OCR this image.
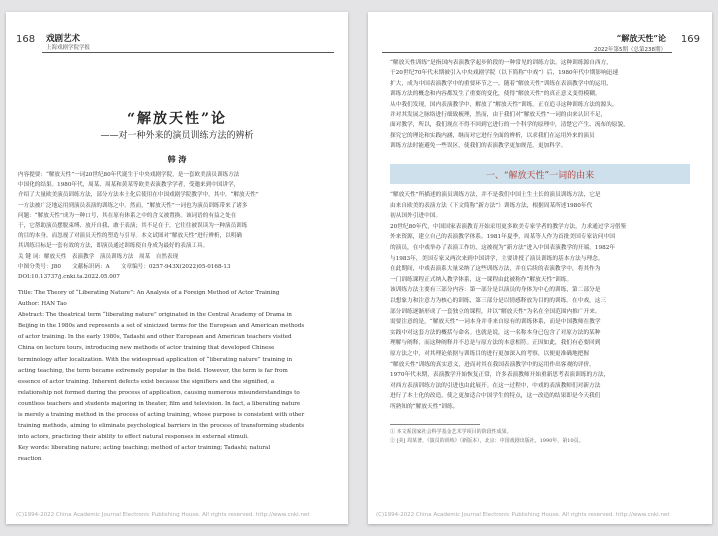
168 戏剧艺术
上海戏剧学院学报
“解放天性”论
——对一种外来的演员训练方法的辨析
韩 涛
内容提要：“解放天性”一词20世纪80年代诞生于中央戏剧学院，是一套欧美演员训练方法
中国化的结果。1980年代，周某、周某和黄某等欧美表演教学学者，受邀来到中国讲学，
介绍了大量欧美演员训练方法，部分方法本土化后使用在中国戏剧学院教学中。其中，“解放天性”
一方法被广泛地运用到演员表演的训练之中。然而，“解放天性”一词也为演员训练带来了诸多
问题：“解放天性”成为一种口号，其在原有体系之中的含义被置换。该词语的有益之处在
于，它帮助演员摆脱束缚、放开自我、敢于表演；其不足在于，它往往被误读为一种演员训练
的目的本身，而忽视了对演员天性的塑造与引导。本文试图对“解放天性”进行辨析，以明确
其训练目标是一套有效的方法，即演员通过训练使自身成为最好的表演工具。
关 键 词：解放天性　表演教学　演员训练方法　周某　自然表现
中图分类号：J80　　文献标识码：A　　文章编号：0257-943X(2022)05-0168-13
DOI:10.13737/j.cnki.ta.2022.05.007
Title: The Theory of “Liberating Nature”: An Analysis of a Foreign Method of Actor Training
Author: HAN Tao
Abstract: The theatrical term “liberating nature” originated in the Central Academy of Drama in
Beijing in the 1980s and represents a set of sinicized terms for the European and American methods
of actor training. In the early 1980s, Tadashi and other European and American teachers visited
China on lecture tours, introducing new methods of actor training that developed Chinese
terminology after localization. With the widespread application of “liberating nature” training in
acting teaching, the term became extremely popular in the field. However, the term is far from
essence of actor training. Inherent defects exist because the signifiers and the signified, a
relationship not formed during the process of application, causing numerous misunderstandings to
countless teachers and students majoring in theater, film and television. In fact, a liberating nature
is merely a training method in the process of acting training, whose purpose is consistent with other
training methods, aiming to eliminate psychological barriers in the process of transforming students
into actors, practicing their ability to effect natural responses in external stimuli.
Key words: liberating nature; acting teaching; method of actor training; Tadashi; natural
reaction
(C)1994-2022 China Academic Journal Electronic Publishing House. All rights reserved. http://www.cnki.net
“解放天性”论
2022年第5期（总第238期）
169
“解放天性训练”是指国内表演教学起步阶段的一种常见的训练方法。这种训练源自西方，
于20世纪70年代末期被引入中央戏剧学院（以下简称“中戏”）后，1980年代中期影响迅速
扩大，成为中国表演教学中的重要环节之一。随着“解放天性”训练在表演教学中的运用，
训练方法的概念和内容都发生了重要的变化，使得“解放天性”的真正意义变得模糊。
从中我们发现，国内表演教学中，解放了“解放天性”训练。正在追寻这种训练方法的源头，
并对其发展之脉络进行细致梳理，然而，由于我们对“解放天性”一词的由来认识不足，
面对教学，所以，我们现在不得不回到它进行的一个科学的原理中，清楚它产生、流布的原貌，
探究它的理论和实践内涵，继而对它进行全面的辨析，以求我们在运用外来的演员
训练方法时能避免一些误区，使我们的表演教学更加规范，更加科学。
一、“解放天性”一词的由来
“解放天性”所描述的演员训练方法，并不是我们中国土生土长的演员训练方法，它是
由来自欧美的表演方法（下文简称“新方法”）训练方法，根据周某所述1980年代
初从国外引进中国。
20世纪80年代，中国国家表演教育开始采用更多欧美专家学者的教学方法，力求通过学习借鉴
外来资源，建立自己的表演教学体系。1981年夏季，周某等人作为首批美国专家访问中国
的演员，在中戏举办了表演工作坊，这被视为“新方法”进入中国表演教学的开端。1982年
与1983年，美国专家又两次来到中国讲学，主要讲授了演员训练的基本方法与理念。
在此期间，中戏表演系大量采纳了这些训练方法，并在后续的表演教学中，将其作为
一门训练课程正式纳入教学体系，这一课程由此被称作“解放天性”训练。
该训练方法主要有三部分内容：第一部分是以演员的身体为中心的训练，第二部分是
以想象力和注意力为核心的训练，第三部分是以情感释放为目的的训练。在中戏，这三
部分训练逐渐形成了一套独立的课程，并以“解放天性”为名在全国范围内推广开来。
需要注意的是，“解放天性”一词本身并非来自原有的训练体系，而是中国教师在教学
实践中对这套方法的概括与命名。也就是说，这一名称本身已包含了对原方法的某种
理解与阐释，而这种阐释并不总是与原方法的本意相符。正因如此，我们有必要回到
原方法之中，对其理论依据与训练目的进行更加深入的考察，以便更准确地把握
“解放天性”训练的真实意义，进而对其在我国表演教学中的运用作出客观的评价。
1970年代末期，表演教学开始恢复正常，许多表演教师开始重新思考表演训练的方法，
对西方表演训练方法的引进也由此展开。在这一过程中，中戏的表演教师们对新方法
进行了本土化的改造，使之更加适合中国学生的特点，这一改造的结果即是今天我们
所熟知的“解放天性”训练。
① 本文系国家社会科学基金艺术学项目的阶段性成果。
② [美] 周某著，《演员的训练》（新版本），北京：中国戏剧出版社，1990年，第10页。
(C)1994-2022 China Academic Journal Electronic Publishing House. All rights reserved. http://www.cnki.net
